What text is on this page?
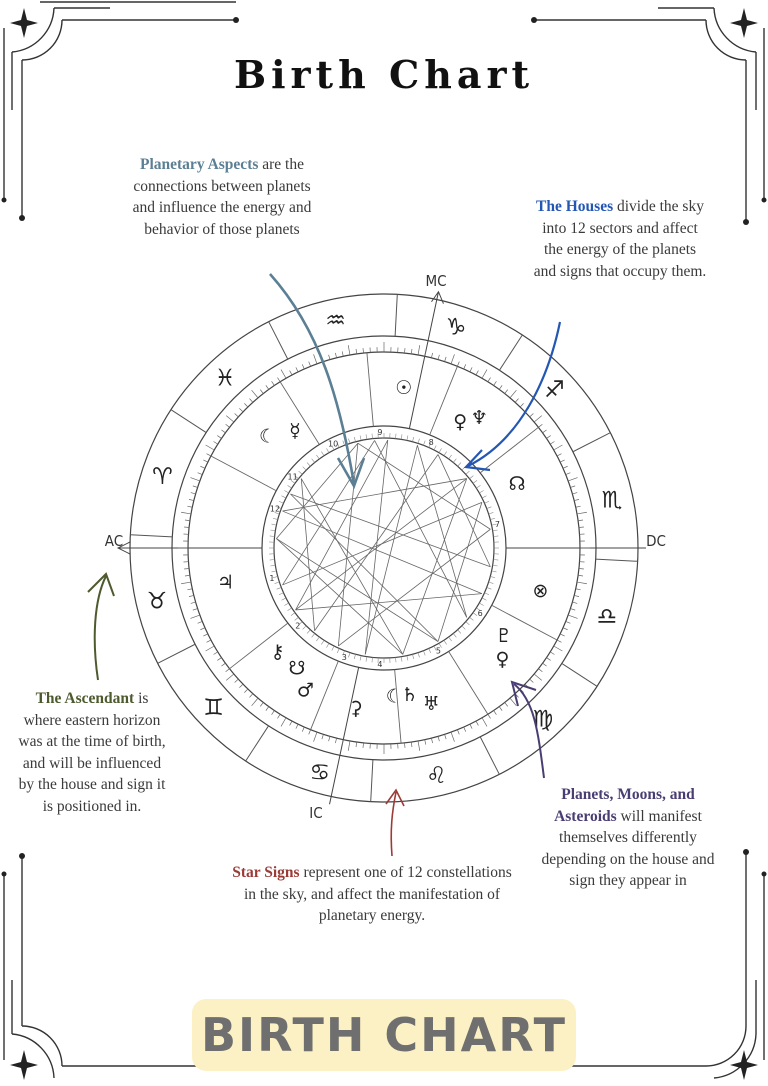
Birth Chart
1
2
3
4
5
6
7
8
9
10
11
12
♒	♑
♐
♏
♎
♍
♌
♋
♊
♉
♈
♓	☉
♀ ♆
☿
☾
☊
⊗
♇
♀
♄ ♅
☾
⚳
☋
♂
⚷
♃
MC
AC	DC
IC
Planetary Aspects are the connections between planets and influence the energy and behavior of those planets
The Houses divide the sky into 12 sectors and affect the energy of the planets and signs that occupy them.
The Ascendant is where eastern horizon was at the time of birth, and will be influenced by the house and sign it is positioned in.
Star Signs represent one of 12 constellations in the sky, and affect the manifestation of planetary energy.
Planets, Moons, and Asteroids will manifest themselves differently depending on the house and sign they appear in
BIRTH CHART
